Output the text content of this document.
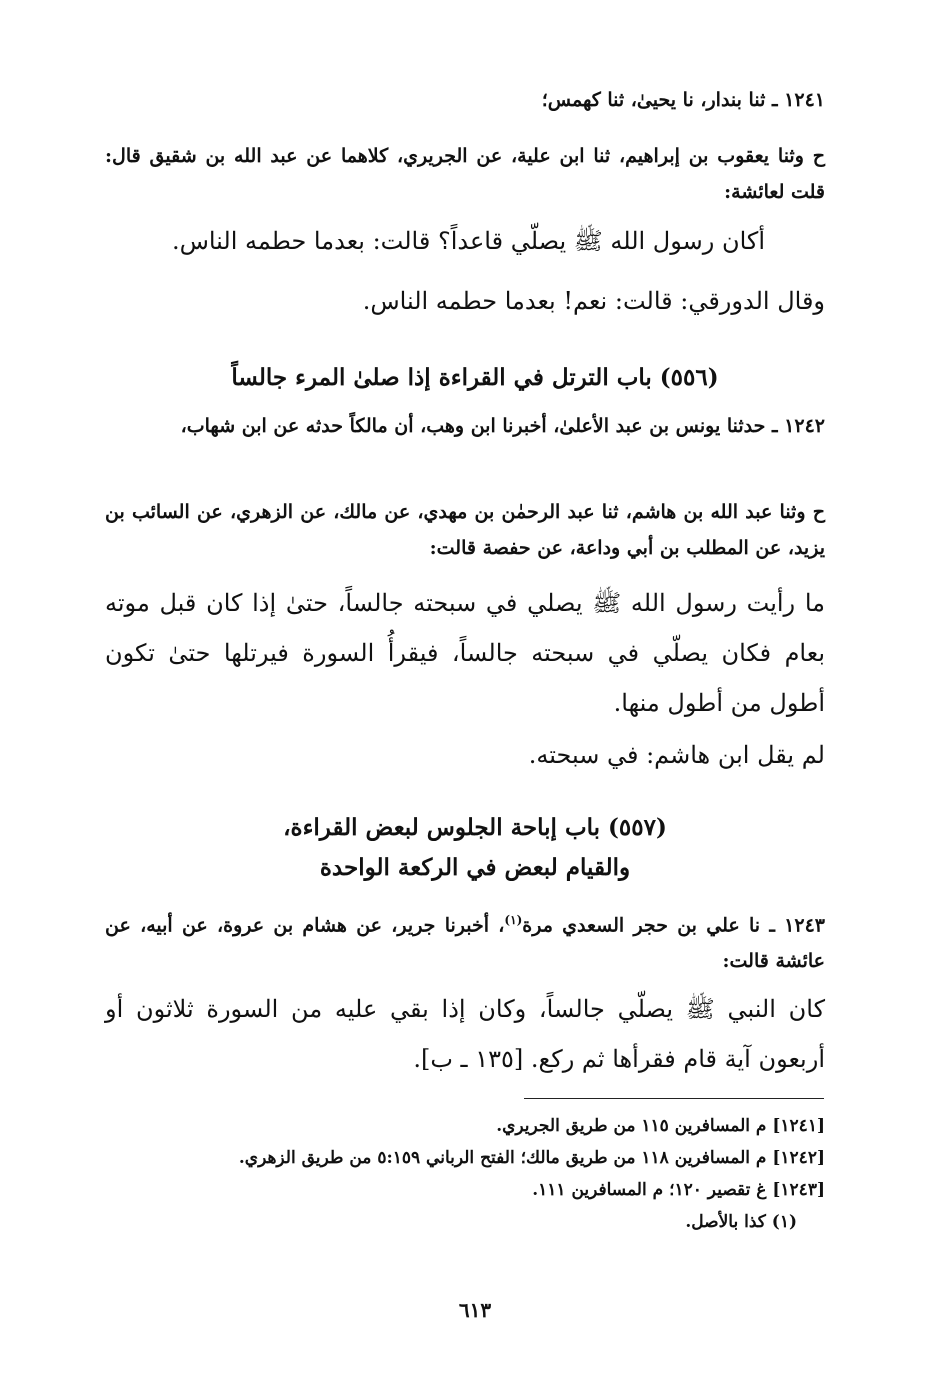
١٢٤١ ـ ثنا بندار، نا يحيىٰ، ثنا كهمس؛

ح وثنا يعقوب بن إبراهيم، ثنا ابن علية، عن الجريري، كلاهما عن عبد الله بن شقيق قال: قلت لعائشة:

أكان رسول الله ﷺ يصلّي قاعداً؟ قالت: بعدما حطمه الناس.

وقال الدورقي: قالت: نعم! بعدما حطمه الناس.

(٥٥٦) باب الترتل في القراءة إذا صلىٰ المرء جالساً

١٢٤٢ ـ حدثنا يونس بن عبد الأعلىٰ، أخبرنا ابن وهب، أن مالكاً حدثه عن ابن شهاب،

ح وثنا عبد الله بن هاشم، ثنا عبد الرحمٰن بن مهدي، عن مالك، عن الزهري، عن السائب بن يزيد، عن المطلب بن أبي وداعة، عن حفصة قالت:

ما رأيت رسول الله ﷺ يصلي في سبحته جالساً، حتىٰ إذا كان قبل موته بعام فكان يصلّي في سبحته جالساً، فيقرأُ السورة فيرتلها حتىٰ تكون أطول من أطول منها.

لم يقل ابن هاشم: في سبحته.

(٥٥٧) باب إباحة الجلوس لبعض القراءة،
والقيام لبعض في الركعة الواحدة

١٢٤٣ ـ نا علي بن حجر السعدي مرة$^{(١)}$، أخبرنا جرير، عن هشام بن عروة، عن أبيه، عن عائشة قالت:

كان النبي ﷺ يصلّي جالساً، وكان إذا بقي عليه من السورة ثلاثون أو أربعون آية قام فقرأها ثم ركع. [١٣٥ ـ ب].

[١٢٤١] م المسافرين ١١٥ من طريق الجريري.
[١٢٤٢] م المسافرين ١١٨ من طريق مالك؛ الفتح الرباني ٥:١٥٩ من طريق الزهري.
[١٢٤٣] غ تقصير ١٢٠؛ م المسافرين ١١١.
(١) كذا بالأصل.
٦١٣
